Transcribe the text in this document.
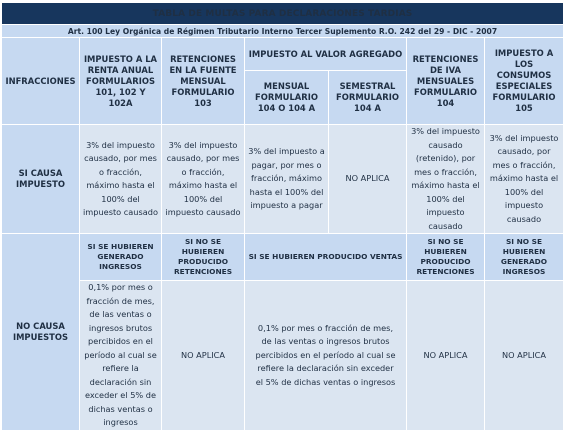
TABLA DE MULTAS PARA DECLARACIONES TARDIAS						
Art. 100 Ley Orgánica de Régimen Tributario Interno Tercer Suplemento R.O. 242 del 29 - DIC - 2007						
INFRACCIONES	IMPUESTO A LA RENTA ANUAL FORMULARIOS 101, 102 Y 102A	RETENCIONES EN LA FUENTE MENSUAL FORMULARIO 103	IMPUESTO AL VALOR AGREGADO		RETENCIONES DE IVA MENSUALES FORMULARIO 104	IMPUESTO A LOS CONSUMOS ESPECIALES FORMULARIO 105
			MENSUAL FORMULARIO 104 O 104 A	SEMESTRAL FORMULARIO 104 A		
SI CAUSA IMPUESTO	3% del impuesto causado, por mes o fracción, máximo hasta el 100% del impuesto causado	3% del impuesto causado, por mes o fracción, máximo hasta el 100% del impuesto causado	3% del impuesto a pagar, por mes o fracción, máximo hasta el 100% del impuesto a pagar	NO APLICA	3% del impuesto causado (retenido), por mes o fracción, máximo hasta el 100% del impuesto causado	3% del impuesto causado, por mes o fracción, máximo hasta el 100% del impuesto causado
NO CAUSA IMPUESTOS	SI SE HUBIEREN GENERADO INGRESOS	SI NO SE HUBIEREN PRODUCIDO RETENCIONES	SI SE HUBIEREN PRODUCIDO VENTAS		SI NO SE HUBIEREN PRODUCIDO RETENCIONES	SI NO SE HUBIEREN GENERADO INGRESOS
	0,1% por mes o fracción de mes, de las ventas o ingresos brutos percibidos en el período al cual se refiere la declaración sin exceder el 5% de dichas ventas o ingresos	NO APLICA	0,1% por mes o fracción de mes, de las ventas o ingresos brutos percibidos en el período al cual se refiere la declaración sin exceder el 5% de dichas ventas o ingresos		NO APLICA	NO APLICA
